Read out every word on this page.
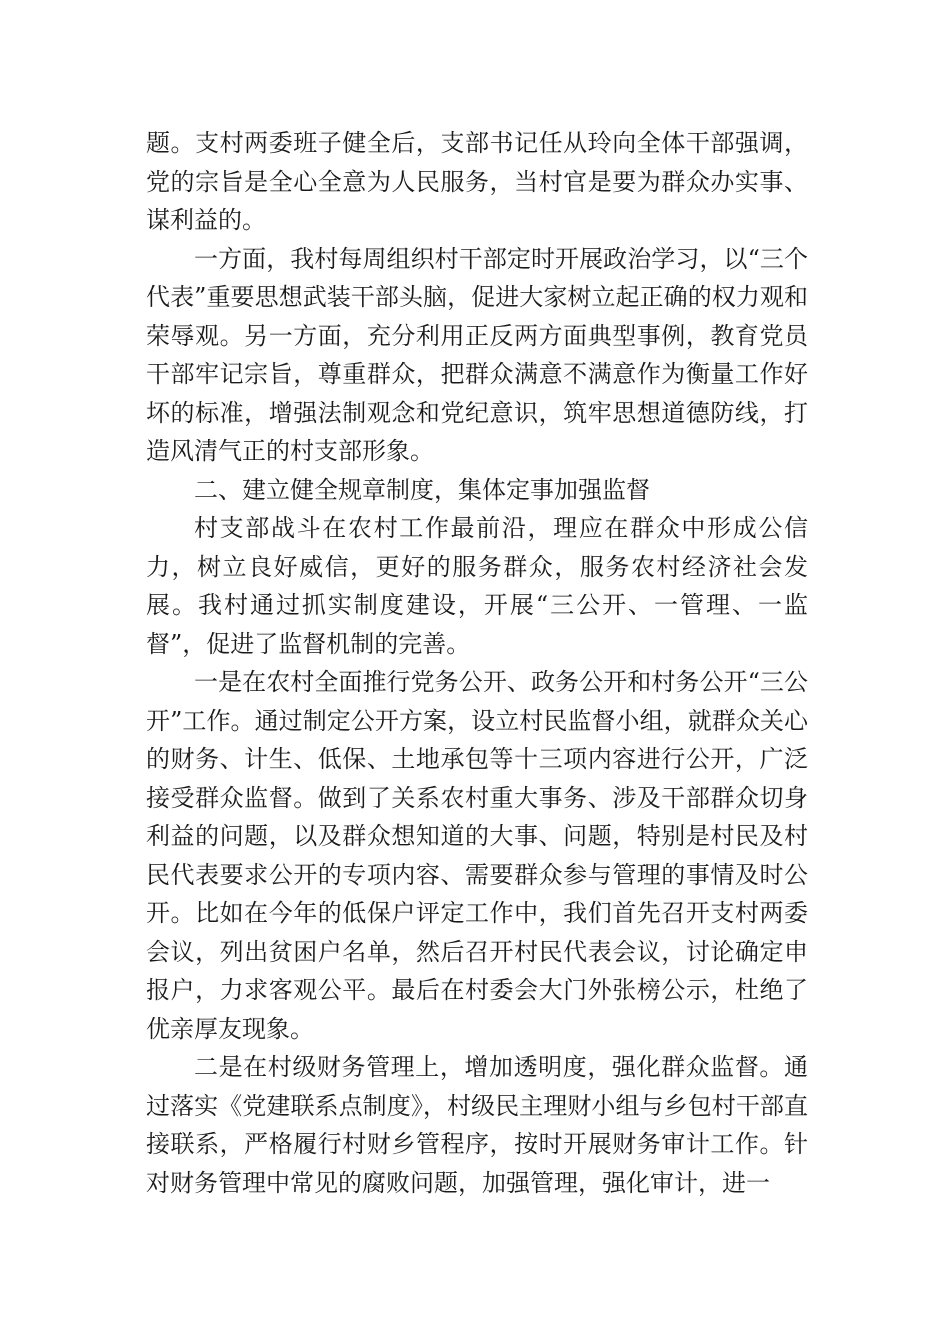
题。支村两委班子健全后，支部书记任从玲向全体干部强调，党的宗旨是全心全意为人民服务，当村官是要为群众办实事、谋利益的。

一方面，我村每周组织村干部定时开展政治学习，以“三个代表”重要思想武装干部头脑，促进大家树立起正确的权力观和荣辱观。另一方面，充分利用正反两方面典型事例，教育党员干部牢记宗旨，尊重群众，把群众满意不满意作为衡量工作好坏的标准，增强法制观念和党纪意识，筑牢思想道德防线，打造风清气正的村支部形象。

二、建立健全规章制度，集体定事加强监督

村支部战斗在农村工作最前沿，理应在群众中形成公信力，树立良好威信，更好的服务群众，服务农村经济社会发展。我村通过抓实制度建设，开展“三公开、一管理、一监督”，促进了监督机制的完善。

一是在农村全面推行党务公开、政务公开和村务公开“三公开”工作。通过制定公开方案，设立村民监督小组，就群众关心的财务、计生、低保、土地承包等十三项内容进行公开，广泛接受群众监督。做到了关系农村重大事务、涉及干部群众切身利益的问题，以及群众想知道的大事、问题，特别是村民及村民代表要求公开的专项内容、需要群众参与管理的事情及时公开。比如在今年的低保户评定工作中，我们首先召开支村两委会议，列出贫困户名单，然后召开村民代表会议，讨论确定申报户，力求客观公平。最后在村委会大门外张榜公示，杜绝了优亲厚友现象。

二是在村级财务管理上，增加透明度，强化群众监督。通过落实《党建联系点制度》，村级民主理财小组与乡包村干部直接联系，严格履行村财乡管程序，按时开展财务审计工作。针对财务管理中常见的腐败问题，加强管理，强化审计，进一
